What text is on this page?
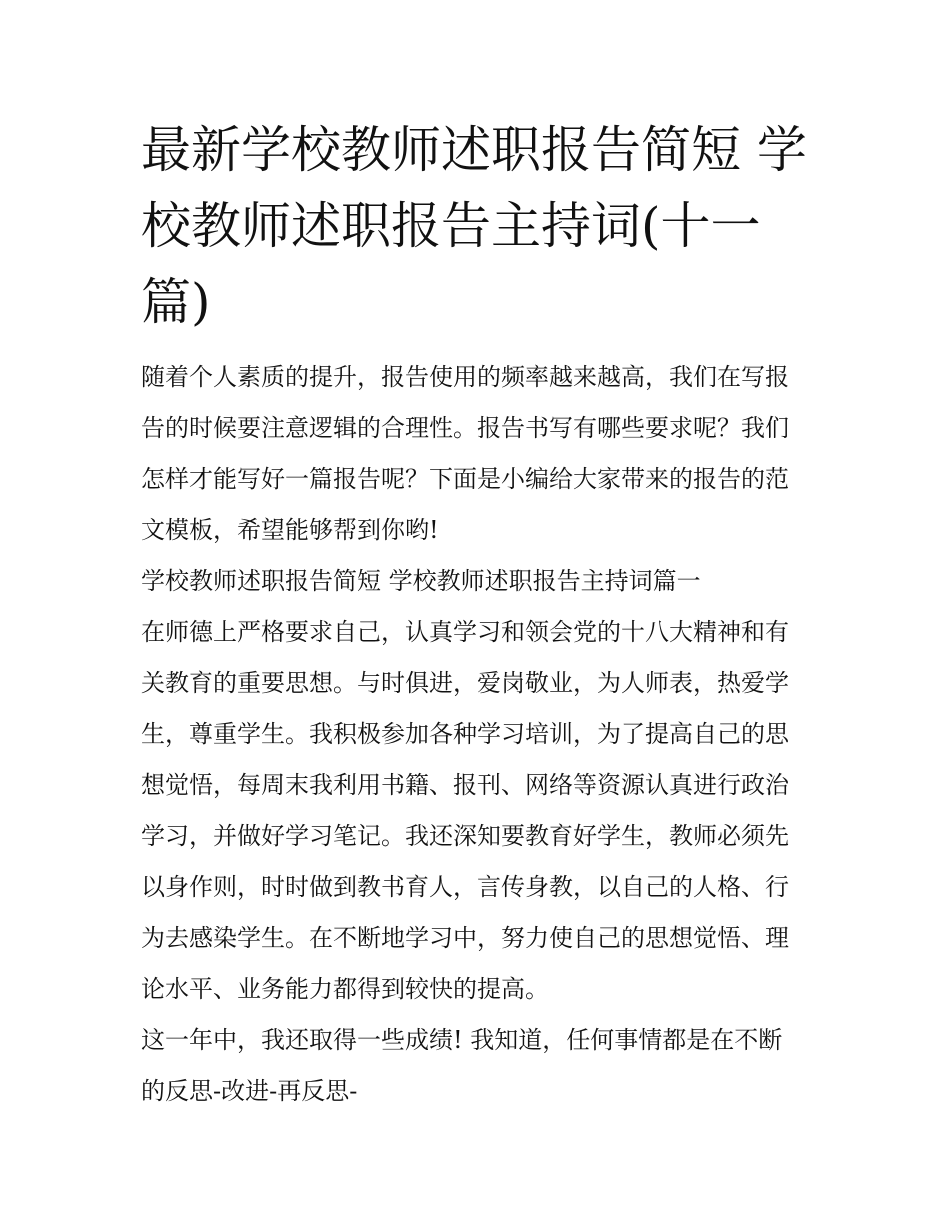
最新学校教师述职报告简短 学
校教师述职报告主持词(十一
篇)

随着个人素质的提升，报告使用的频率越来越高，我们在写报
告的时候要注意逻辑的合理性。报告书写有哪些要求呢？我们
怎样才能写好一篇报告呢？下面是小编给大家带来的报告的范
文模板，希望能够帮到你哟!

学校教师述职报告简短 学校教师述职报告主持词篇一

在师德上严格要求自己，认真学习和领会党的十八大精神和有
关教育的重要思想。与时俱进，爱岗敬业，为人师表，热爱学
生，尊重学生。我积极参加各种学习培训，为了提高自己的思
想觉悟，每周末我利用书籍、报刊、网络等资源认真进行政治
学习，并做好学习笔记。我还深知要教育好学生，教师必须先
以身作则，时时做到教书育人，言传身教，以自己的人格、行
为去感染学生。在不断地学习中，努力使自己的思想觉悟、理
论水平、业务能力都得到较快的提高。

这一年中，我还取得一些成绩! 我知道，任何事情都是在不断
的反思-改进-再反思-
